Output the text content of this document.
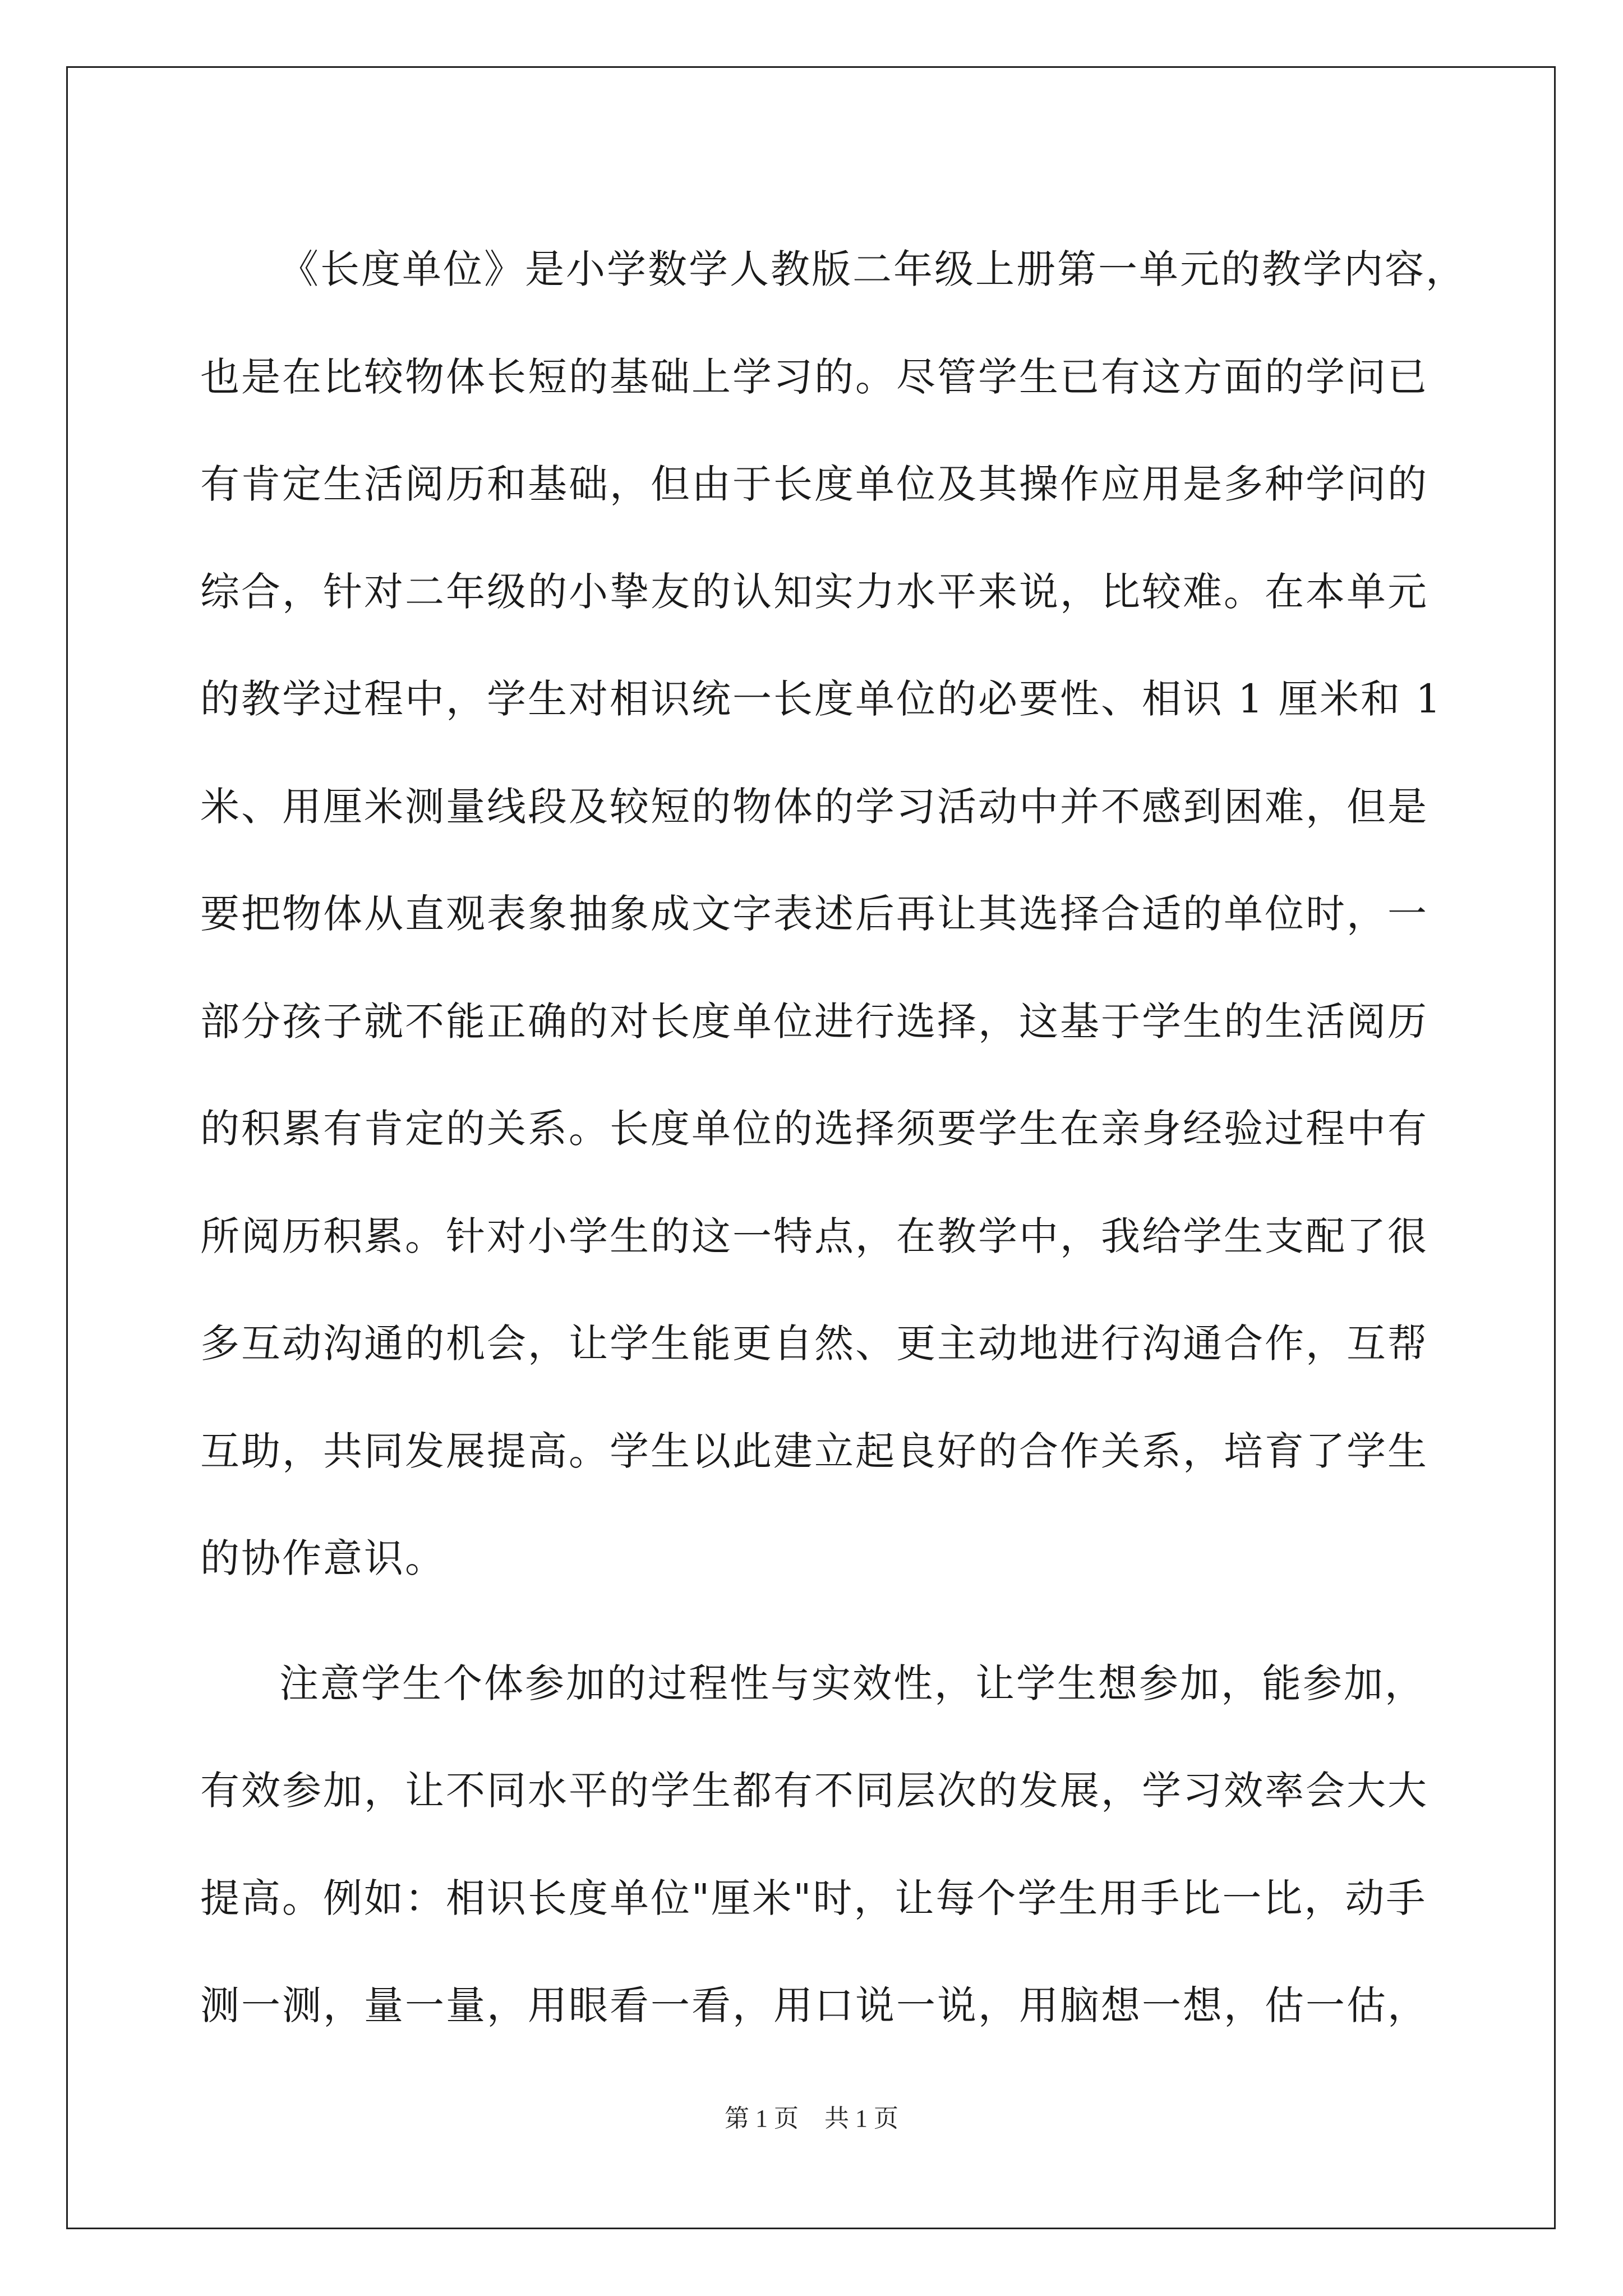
《长度单位》是小学数学人教版二年级上册第一单元的教学内容，
也是在比较物体长短的基础上学习的。尽管学生已有这方面的学问已
有肯定生活阅历和基础，但由于长度单位及其操作应用是多种学问的
综合，针对二年级的小挚友的认知实力水平来说，比较难。在本单元
的教学过程中，学生对相识统一长度单位的必要性、相识 1 厘米和 1
米、用厘米测量线段及较短的物体的学习活动中并不感到困难，但是
要把物体从直观表象抽象成文字表述后再让其选择合适的单位时，一
部分孩子就不能正确的对长度单位进行选择，这基于学生的生活阅历
的积累有肯定的关系。长度单位的选择须要学生在亲身经验过程中有
所阅历积累。针对小学生的这一特点，在教学中，我给学生支配了很
多互动沟通的机会，让学生能更自然、更主动地进行沟通合作，互帮
互助，共同发展提高。学生以此建立起良好的合作关系，培育了学生
的协作意识。
注意学生个体参加的过程性与实效性，让学生想参加，能参加，
有效参加，让不同水平的学生都有不同层次的发展，学习效率会大大
提高。例如：相识长度单位"厘米"时，让每个学生用手比一比，动手
测一测，量一量，用眼看一看，用口说一说，用脑想一想，估一估，
第 1 页 共 1 页
